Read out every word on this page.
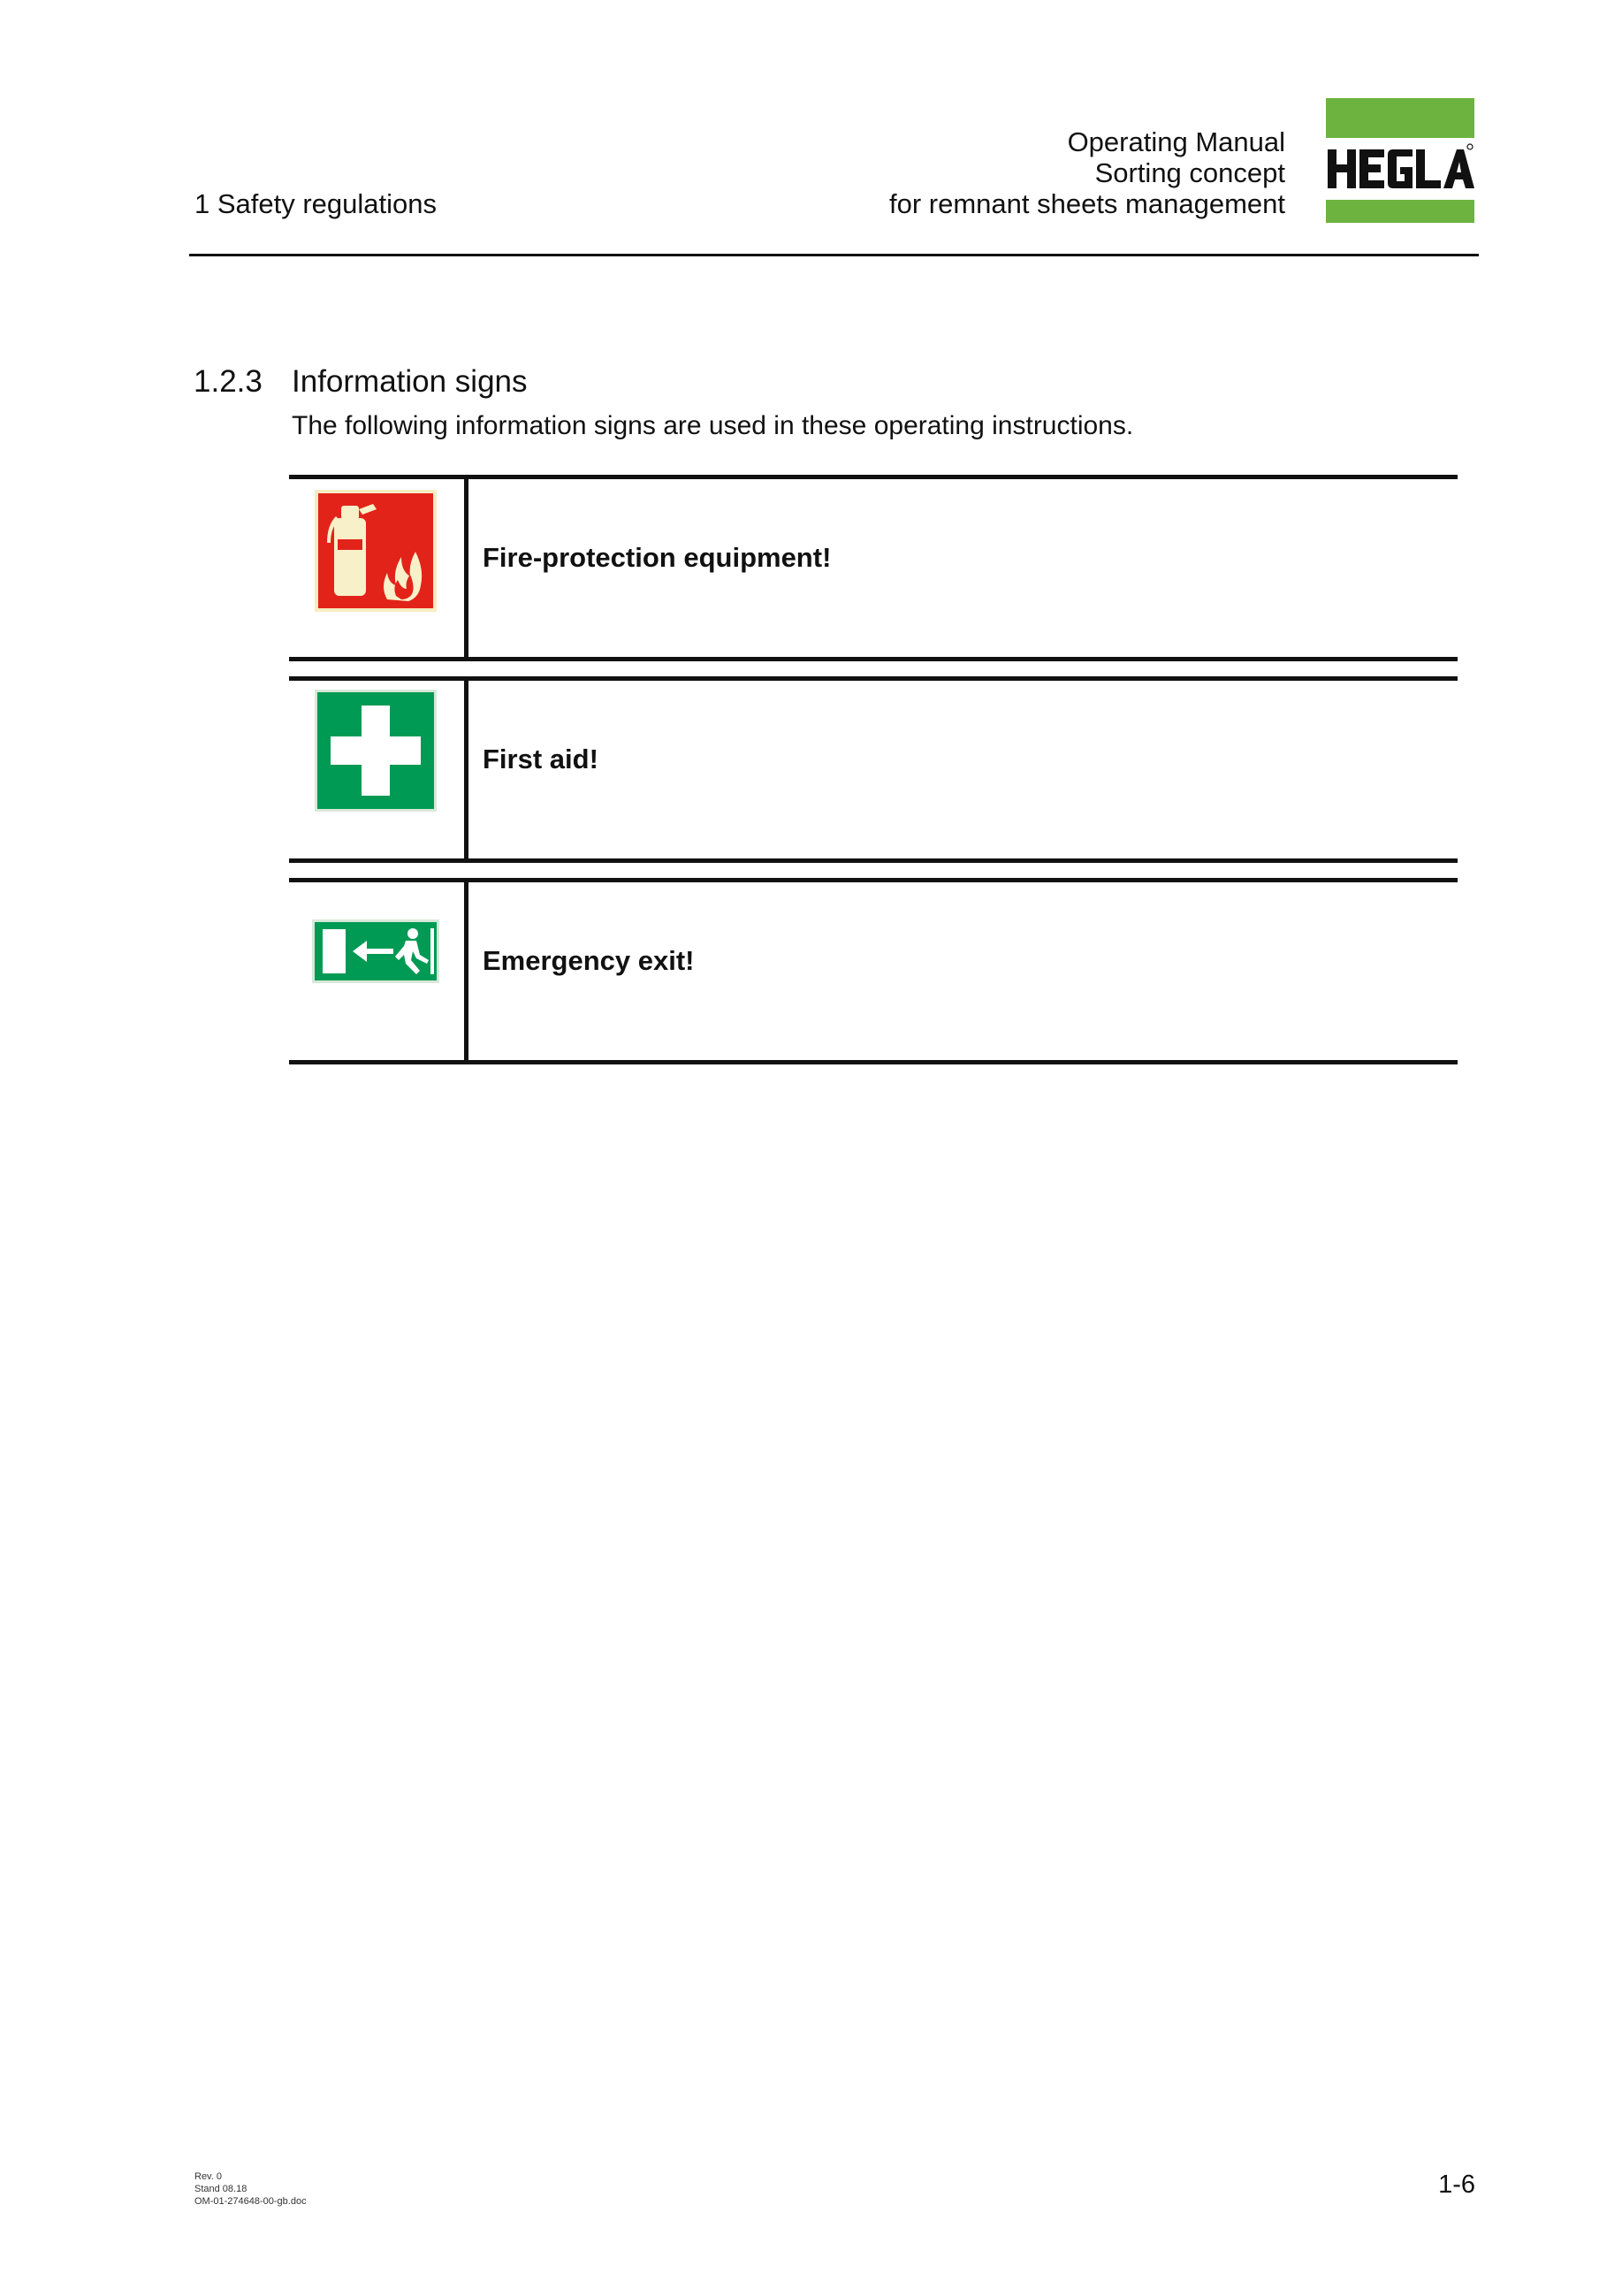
1 Safety regulations
Operating Manual
Sorting concept
for remnant sheets management
1.2.3 Information signs
The following information signs are used in these operating instructions.
Fire-protection equipment!
First aid!
Emergency exit!
Rev. 0
Stand 08.18
OM-01-274648-00-gb.doc
1-6
